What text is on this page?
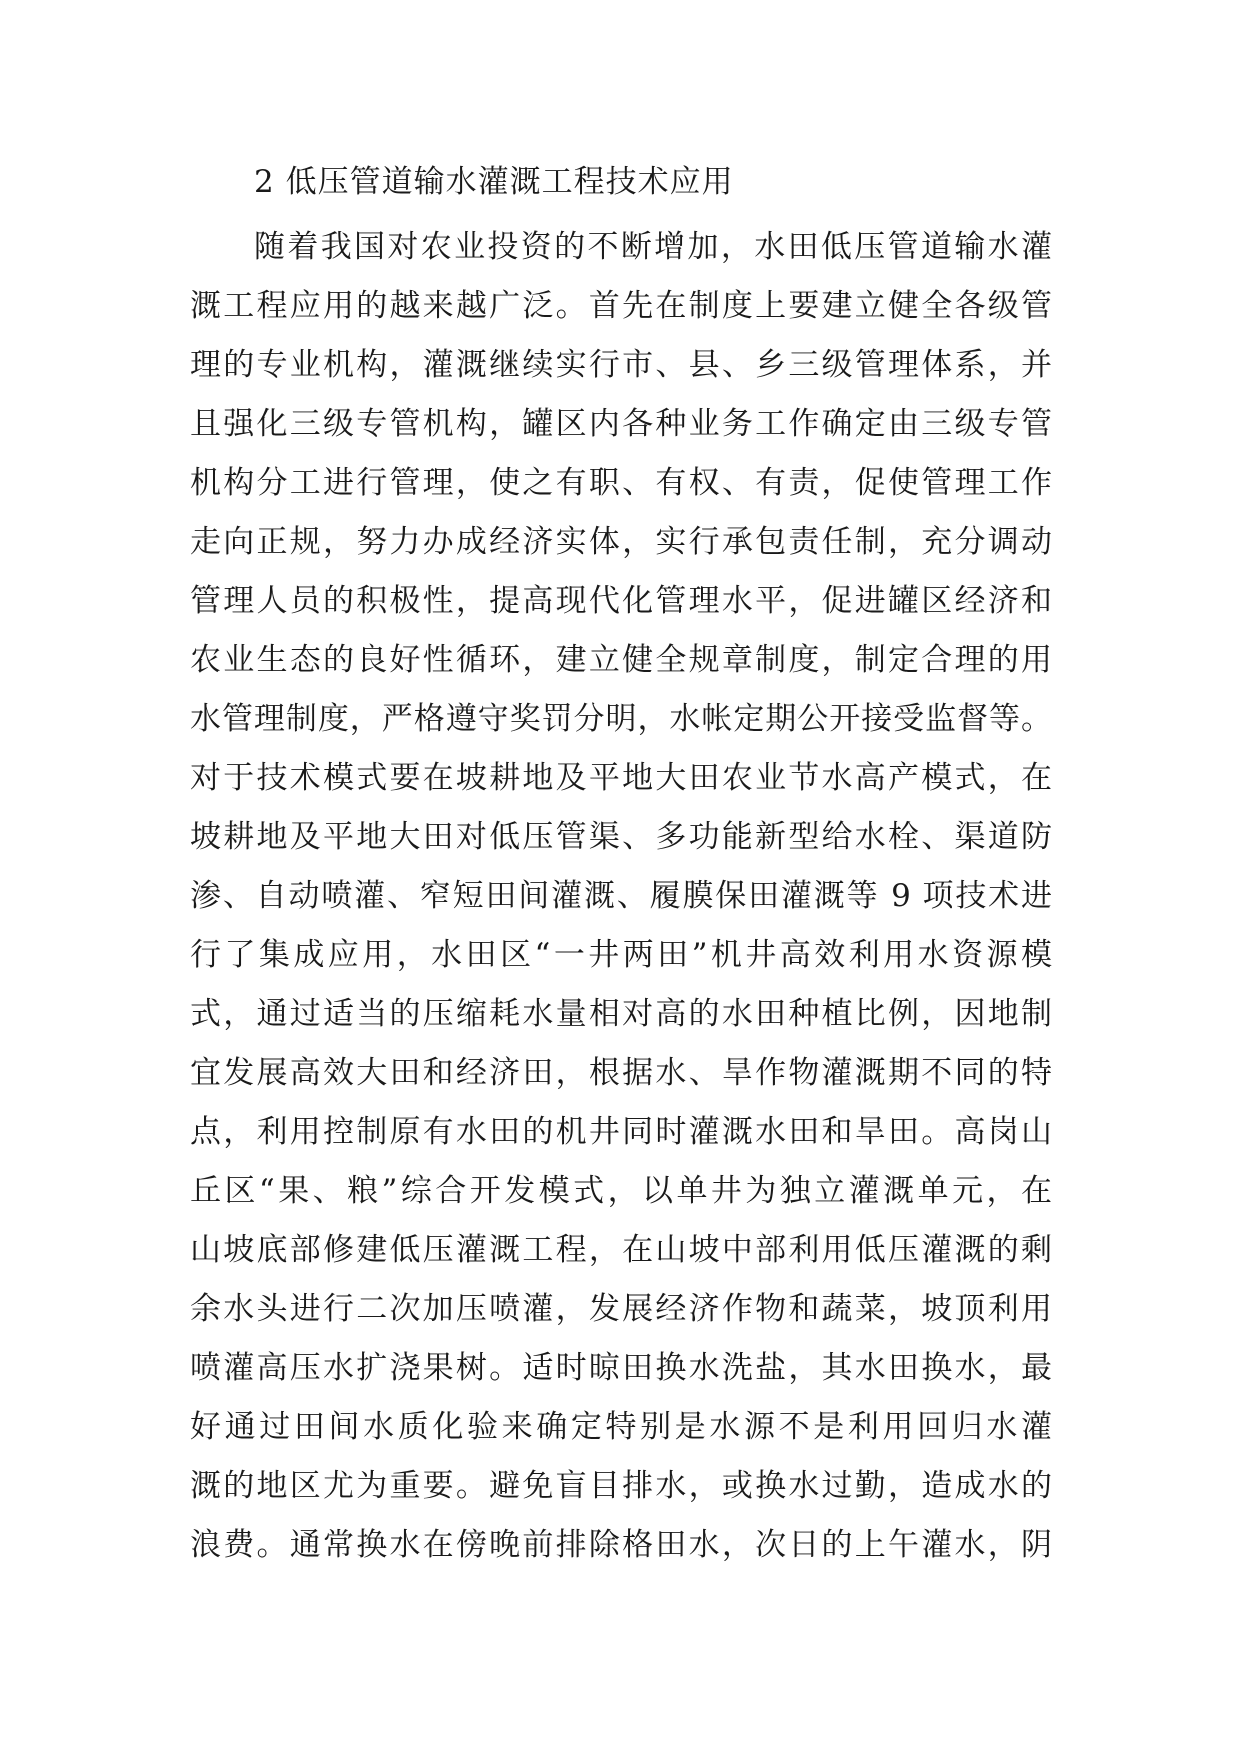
2 低压管道输水灌溉工程技术应用
随着我国对农业投资的不断增加，水田低压管道输水灌
溉工程应用的越来越广泛。首先在制度上要建立健全各级管
理的专业机构，灌溉继续实行市、县、乡三级管理体系，并
且强化三级专管机构，罐区内各种业务工作确定由三级专管
机构分工进行管理，使之有职、有权、有责，促使管理工作
走向正规，努力办成经济实体，实行承包责任制，充分调动
管理人员的积极性，提高现代化管理水平，促进罐区经济和
农业生态的良好性循环，建立健全规章制度，制定合理的用
水管理制度，严格遵守奖罚分明，水帐定期公开接受监督等。
对于技术模式要在坡耕地及平地大田农业节水高产模式，在
坡耕地及平地大田对低压管渠、多功能新型给水栓、渠道防
渗、自动喷灌、窄短田间灌溉、履膜保田灌溉等 9 项技术进
行了集成应用，水田区“一井两田”机井高效利用水资源模
式，通过适当的压缩耗水量相对高的水田种植比例，因地制
宜发展高效大田和经济田，根据水、旱作物灌溉期不同的特
点，利用控制原有水田的机井同时灌溉水田和旱田。高岗山
丘区“果、粮”综合开发模式，以单井为独立灌溉单元，在
山坡底部修建低压灌溉工程，在山坡中部利用低压灌溉的剩
余水头进行二次加压喷灌，发展经济作物和蔬菜，坡顶利用
喷灌高压水扩浇果树。适时晾田换水洗盐，其水田换水，最
好通过田间水质化验来确定特别是水源不是利用回归水灌
溉的地区尤为重要。避免盲目排水，或换水过勤，造成水的
浪费。通常换水在傍晚前排除格田水，次日的上午灌水，阴
